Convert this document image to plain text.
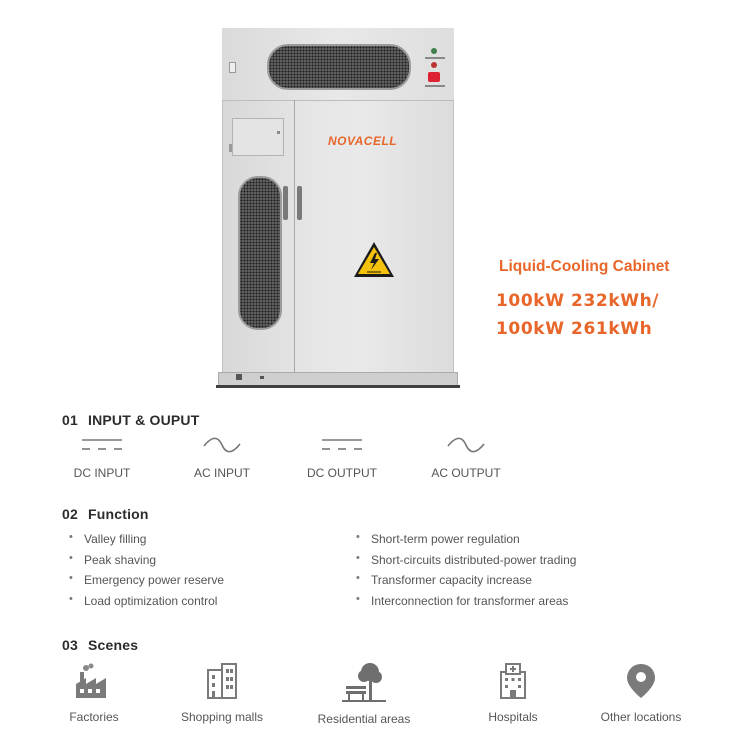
NOVACELL
Liquid-Cooling Cabinet
100kW 232kWh/
100kW 261kWh
01 INPUT & OUPUT
DC INPUT	AC INPUT	DC OUTPUT	AC OUTPUT
02 Function
• Valley filling
• Peak shaving
• Emergency power reserve
• Load optimization control
• Short-term power regulation
• Short-circuits distributed-power trading
• Transformer capacity increase
• Interconnection for transformer areas
03 Scenes
Factories	Shopping malls	Residential areas	Hospitals	Other locations
